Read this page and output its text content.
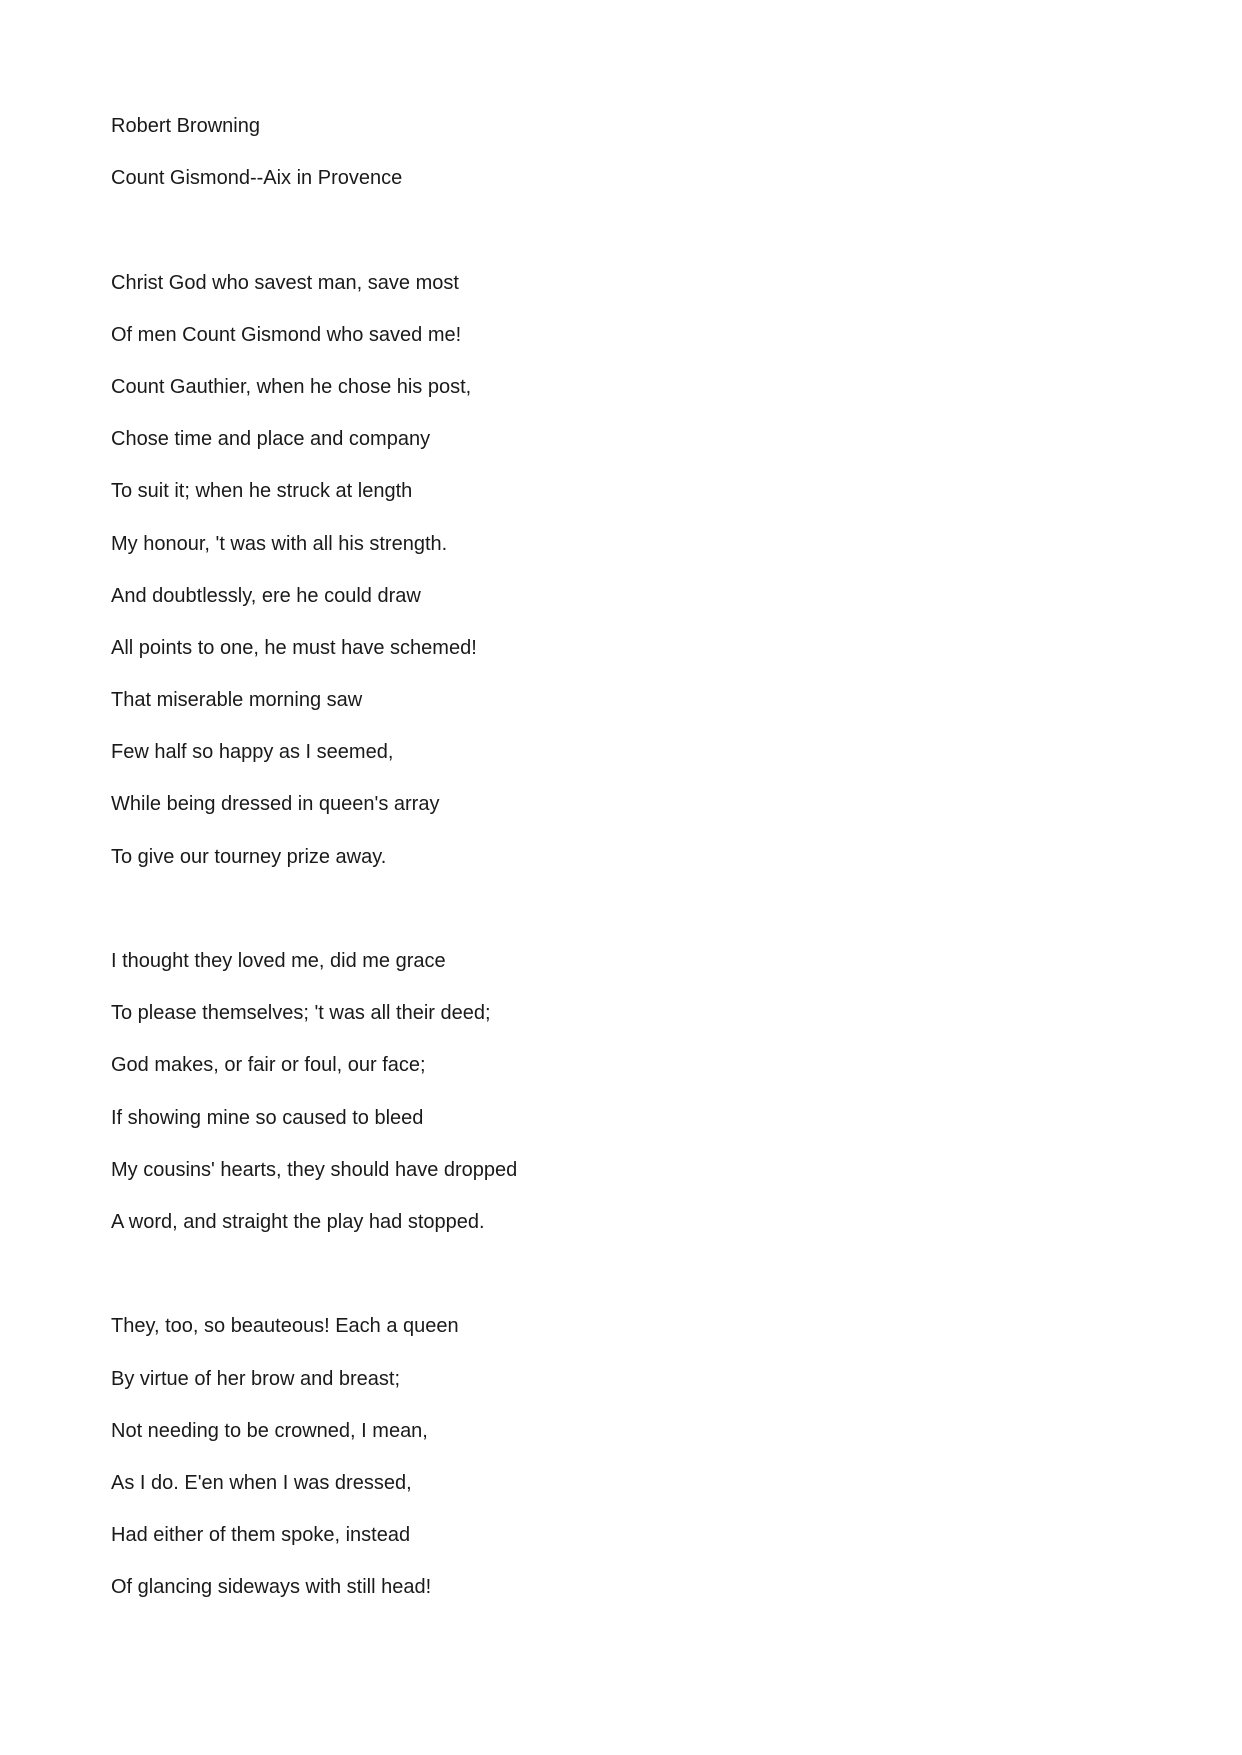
Robert Browning
Count Gismond--Aix in Provence
Christ God who savest man, save most
Of men Count Gismond who saved me!
Count Gauthier, when he chose his post,
Chose time and place and company
To suit it; when he struck at length
My honour, 't was with all his strength.
And doubtlessly, ere he could draw
All points to one, he must have schemed!
That miserable morning saw
Few half so happy as I seemed,
While being dressed in queen's array
To give our tourney prize away.
I thought they loved me, did me grace
To please themselves; 't was all their deed;
God makes, or fair or foul, our face;
If showing mine so caused to bleed
My cousins' hearts, they should have dropped
A word, and straight the play had stopped.
They, too, so beauteous! Each a queen
By virtue of her brow and breast;
Not needing to be crowned, I mean,
As I do. E'en when I was dressed,
Had either of them spoke, instead
Of glancing sideways with still head!
